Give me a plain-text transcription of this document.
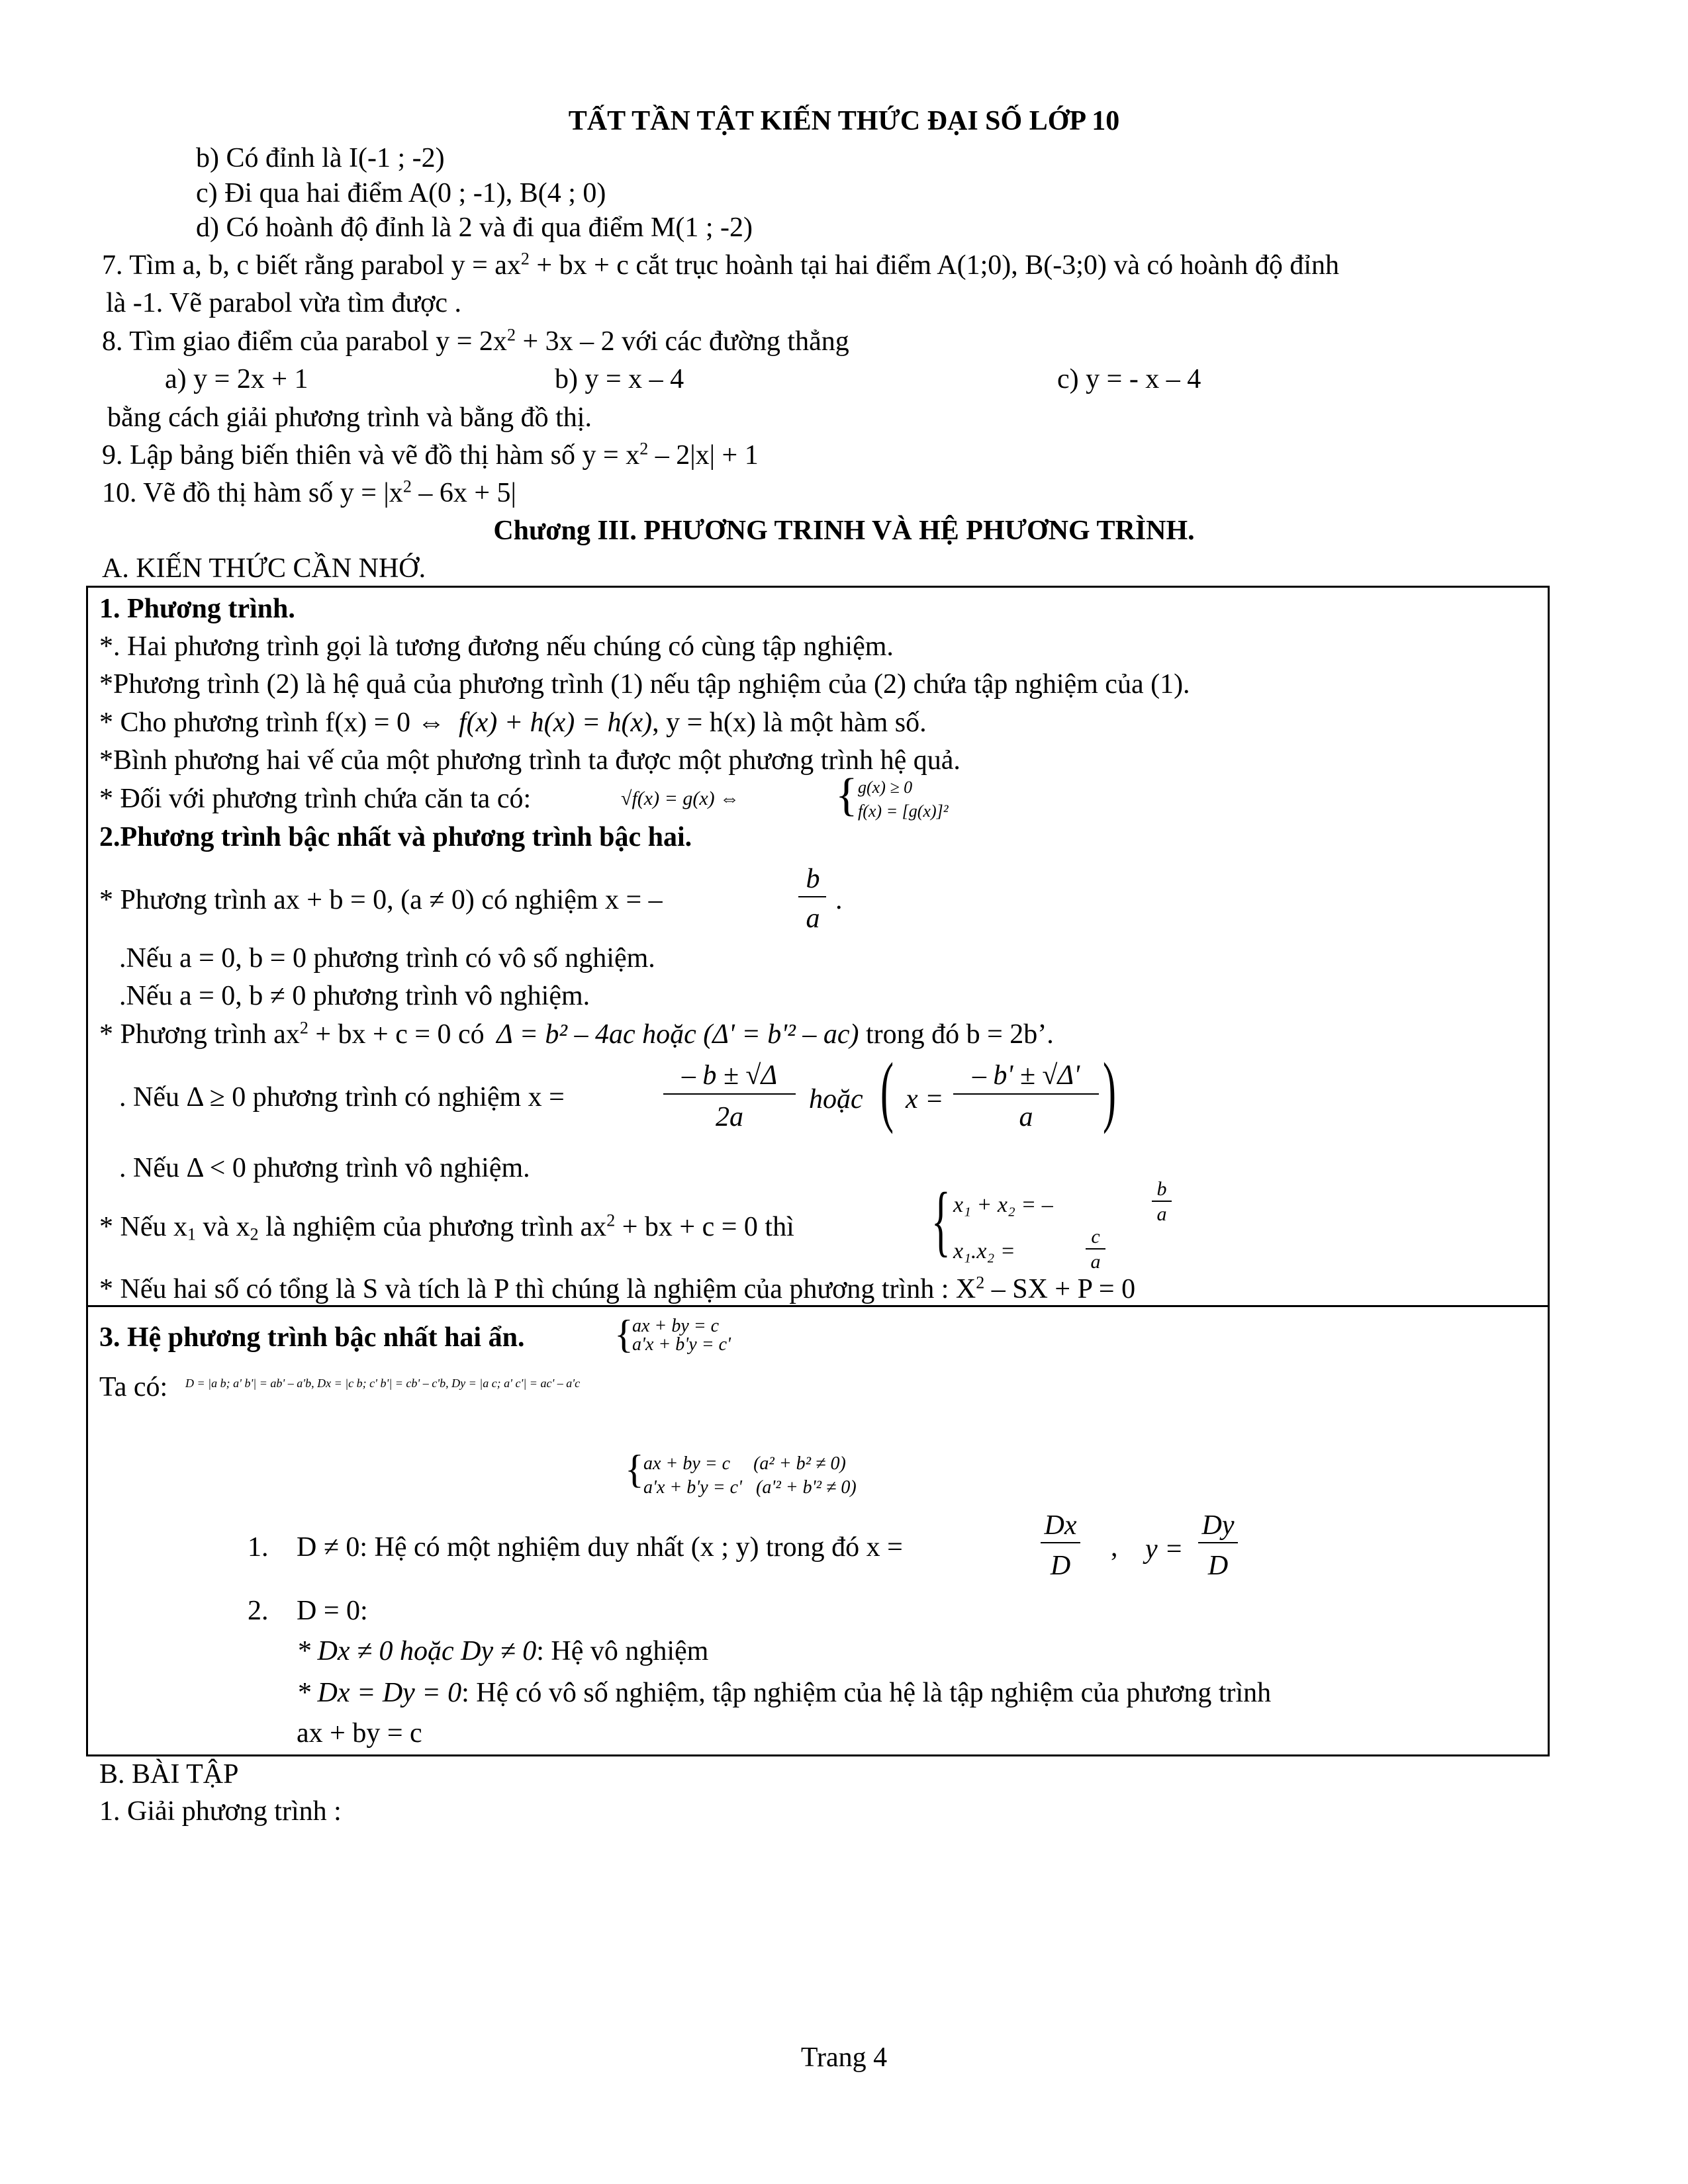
TẤT TẦN TẬT KIẾN THỨC ĐẠI SỐ LỚP 10
b) Có đỉnh là I(-1 ; -2)
c) Đi qua hai điểm A(0 ; -1), B(4 ; 0)
d) Có hoành độ đỉnh là 2 và đi qua điểm M(1 ; -2)
7. Tìm a, b, c biết rằng parabol $y = ax^2$ + bx + c cắt trục hoành tại hai điểm A(1;0), B(-3;0) và có hoành độ đỉnh
là -1. Vẽ parabol vừa tìm được .
8. Tìm giao điểm của parabol $y = 2x^2 + 3x - 2$ với các đường thẳng
a) y = 2x + 1	b) y = x – 4	c) y = - x – 4
bằng cách giải phương trình và bằng đồ thị.
9. Lập bảng biến thiên và vẽ đồ thị hàm số $y = x^2 - 2|x| + 1$
10. Vẽ đồ thị hàm số $y = |x^2 - 6x + 5|$
Chương III. PHƯƠNG TRINH VÀ HỆ PHƯƠNG TRÌNH.
A. KIẾN THỨC CẦN NHỚ.
1. Phương trình.
*. Hai phương trình gọi là tương đương nếu chúng có cùng tập nghiệm.
*Phương trình (2) là hệ quả của phương trình (1) nếu tập nghiệm của (2) chứa tập nghiệm của (1).
* Cho phương trình f(x) = 0 ⇔ f(x) + h(x) = h(x), y = h(x) là một hàm số.
*Bình phương hai vế của một phương trình ta được một phương trình hệ quả.
* Đối với phương trình chứa căn ta có:	√f(x) = g(x) ⇔ { g(x) ≥ 0
f(x) = [g(x)]²
2.Phương trình bậc nhất và phương trình bậc hai.
* Phương trình ax + b = 0, (a ≠ 0) có nghiệm x = –
b
a
.
.Nếu a = 0, b = 0 phương trình có vô số nghiệm.
.Nếu a = 0, b ≠ 0 phương trình vô nghiệm.
* Phương trình $ax^2$ + bx + c = 0 có Δ = b² – 4ac hoặc (Δ' = b'² – ac) trong đó b = 2b’.
. Nếu Δ ≥ 0 phương trình có nghiệm x =
– b ± √Δ
2a
hoặc ( x =
– b' ± √Δ'
a )
. Nếu Δ < 0 phương trình vô nghiệm.
* Nếu $x_1$ và $x_2$ là nghiệm của phương trình $ax^2$ + bx + c = 0 thì { x₁ + x₂ = –
b
a
x₁.x₂ =
c
a
* Nếu hai số có tổng là S và tích là P thì chúng là nghiệm của phương trình : $X^2$ – SX + P = 0
3. Hệ phương trình bậc nhất hai ẩn. {
ax + by = c
a'x + b'y = c'
Ta có: D = |a b; a' b'| = ab' – a'b, Dx = |c b; c' b'| = cb' – c'b, Dy = |a c; a' c'| = ac' – a'c
{ ax + by = c     (a² + b² ≠ 0)
a'x + b'y = c'   (a'² + b'² ≠ 0)
1. D ≠ 0: Hệ có một nghiệm duy nhất (x ; y) trong đó x =
Dx
D
, y =
Dy
D
2. D = 0:
* Dx ≠ 0 hoặc Dy ≠ 0: Hệ vô nghiệm
* Dx = Dy = 0: Hệ có vô số nghiệm, tập nghiệm của hệ là tập nghiệm của phương trình
ax + by = c
B. BÀI TẬP
1. Giải phương trình :
Trang 4
